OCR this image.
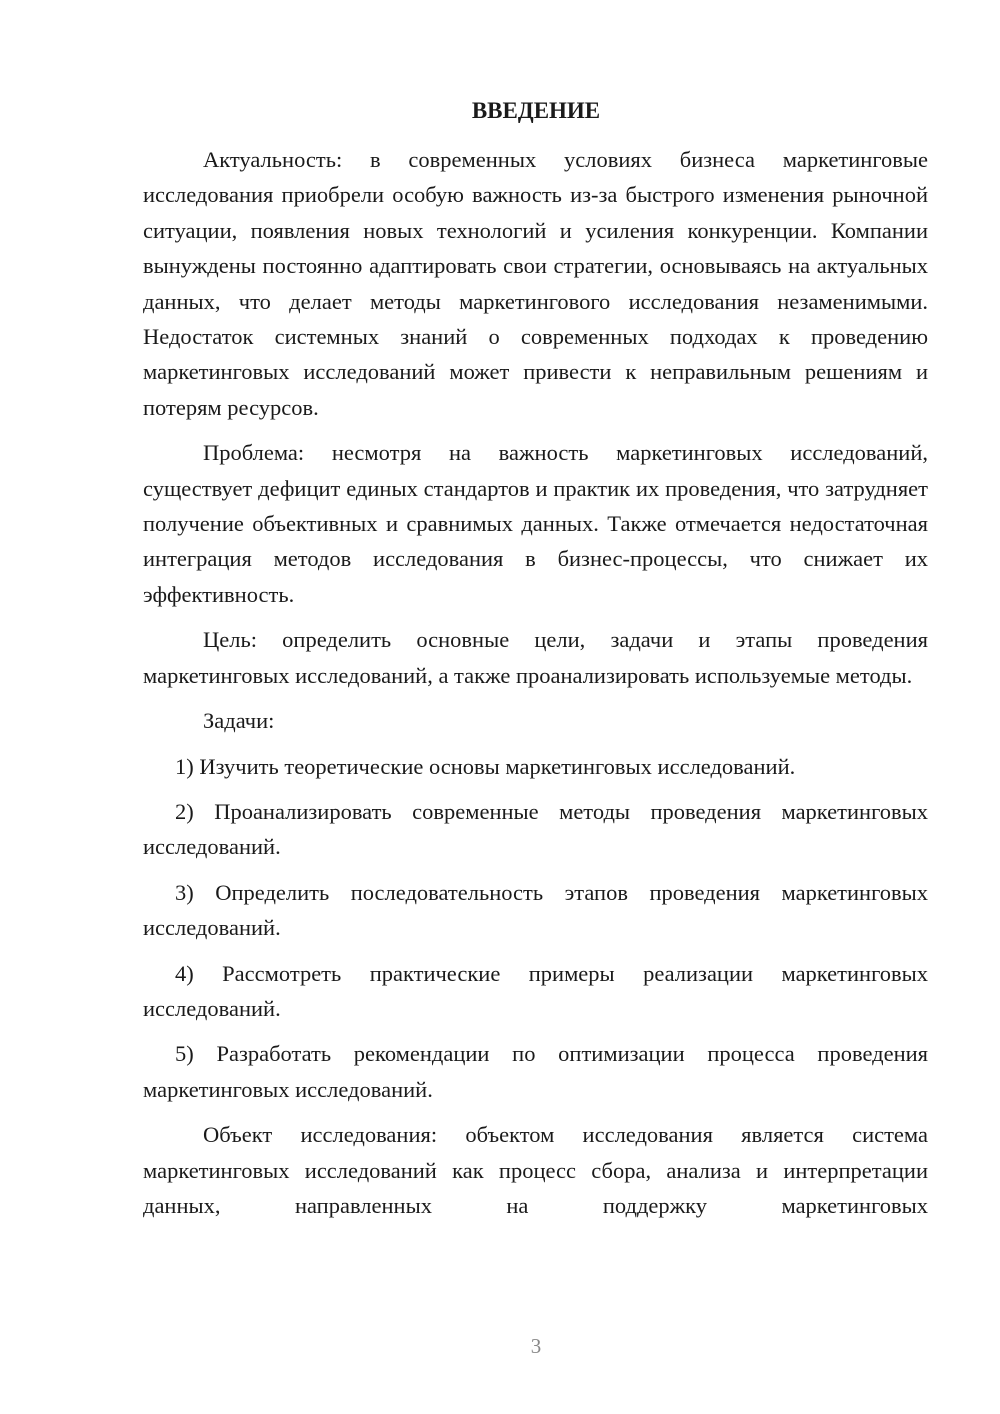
ВВЕДЕНИЕ

Актуальность: в современных условиях бизнеса маркетинговые исследования приобрели особую важность из-за быстрого изменения рыночной ситуации, появления новых технологий и усиления конкуренции. Компании вынуждены постоянно адаптировать свои стратегии, основываясь на актуальных данных, что делает методы маркетингового исследования незаменимыми. Недостаток системных знаний о современных подходах к проведению маркетинговых исследований может привести к неправильным решениям и потерям ресурсов.

Проблема: несмотря на важность маркетинговых исследований, существует дефицит единых стандартов и практик их проведения, что затрудняет получение объективных и сравнимых данных. Также отмечается недостаточная интеграция методов исследования в бизнес-процессы, что снижает их эффективность.

Цель: определить основные цели, задачи и этапы проведения маркетинговых исследований, а также проанализировать используемые методы.

Задачи:

1) Изучить теоретические основы маркетинговых исследований.

2) Проанализировать современные методы проведения маркетинговых исследований.

3) Определить последовательность этапов проведения маркетинговых исследований.

4) Рассмотреть практические примеры реализации маркетинговых исследований.

5) Разработать рекомендации по оптимизации процесса проведения маркетинговых исследований.

Объект исследования: объектом исследования является система маркетинговых исследований как процесс сбора, анализа и интерпретации данных, направленных на поддержку маркетинговых

3
